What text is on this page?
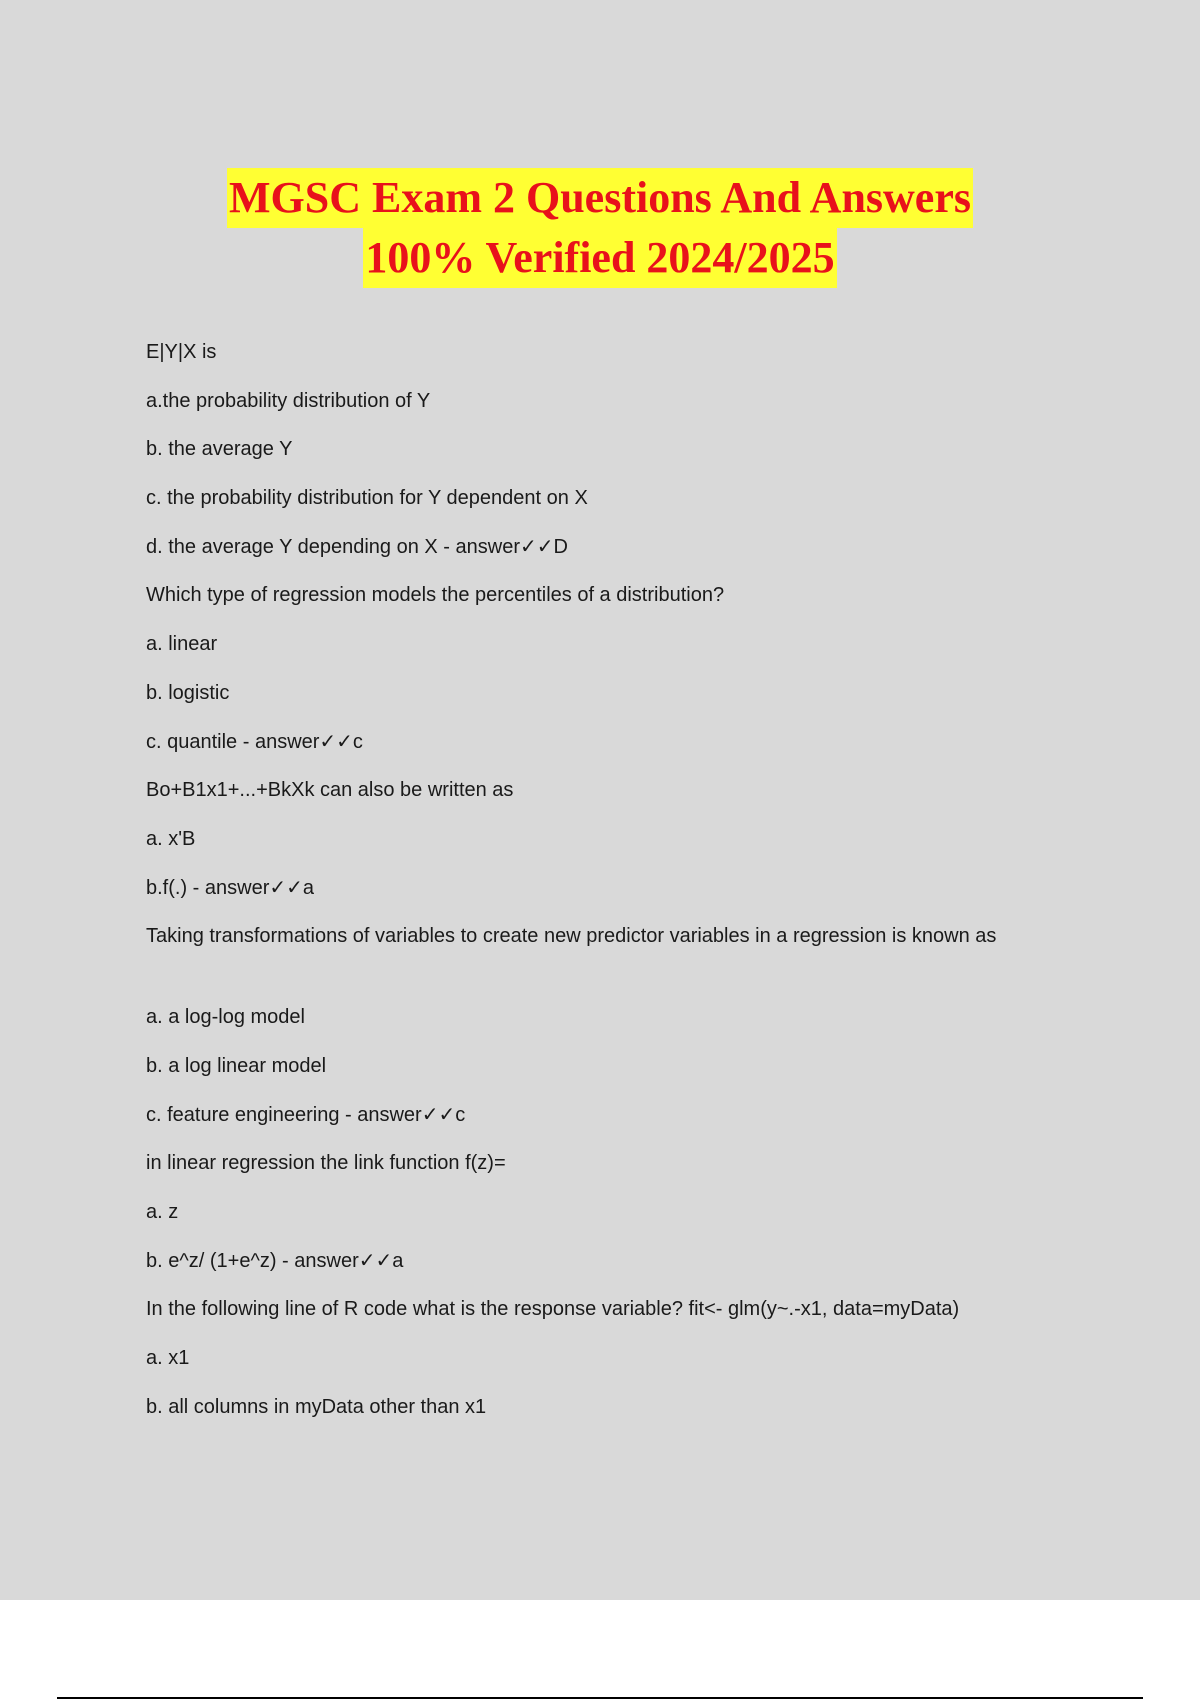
MGSC Exam 2 Questions And Answers
100% Verified 2024/2025
E|Y|X is
a.the probability distribution of Y
b. the average Y
c. the probability distribution for Y dependent on X
d. the average Y depending on X - answer✓✓D
Which type of regression models the percentiles of a distribution?
a. linear
b. logistic
c. quantile - answer✓✓c
Bo+B1x1+...+BkXk can also be written as
a. x'B
b.f(.) - answer✓✓a
Taking transformations of variables to create new predictor variables in a regression is known as
a. a log-log model
b. a log linear model
c. feature engineering - answer✓✓c
in linear regression the link function f(z)=
a. z
b. e^z/ (1+e^z) - answer✓✓a
In the following line of R code what is the response variable? fit<- glm(y~.-x1, data=myData)
a. x1
b. all columns in myData other than x1
